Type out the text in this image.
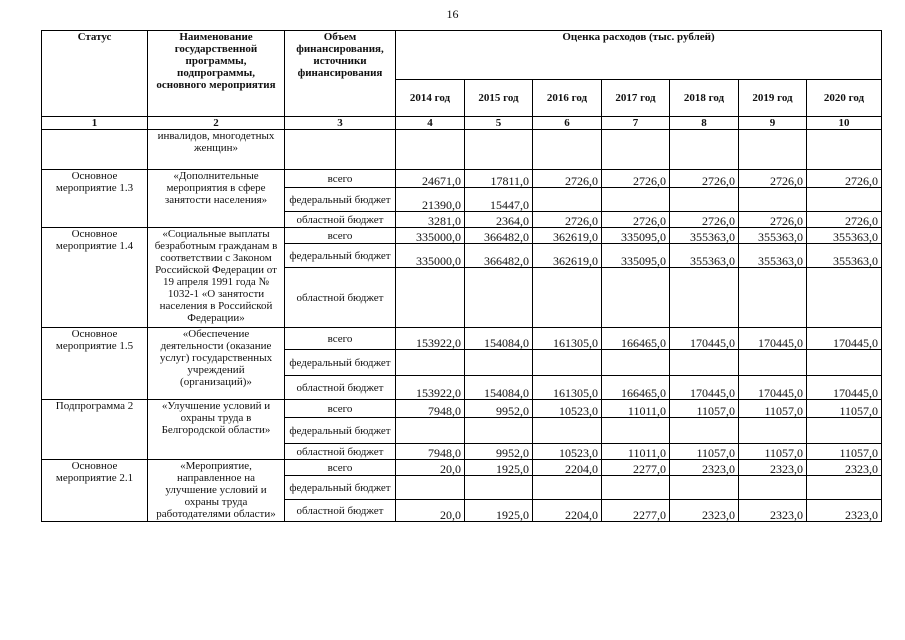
16
Статус	Наименование государственной программы, подпрограммы, основного мероприятия	Объем финансирования, источники финансирования	Оценка расходов (тыс. рублей)						
			2014 год	2015 год	2016 год	2017 год	2018 год	2019 год	2020 год
1	2	3	4	5	6	7	8	9	10
	инвалидов, многодетных женщин»								
Основное мероприятие 1.3	«Дополнительные мероприятия в сфере занятости населения»	всего	24671,0	17811,0	2726,0	2726,0	2726,0	2726,0	2726,0
		федеральный бюджет	21390,0	15447,0					
		областной бюджет	3281,0	2364,0	2726,0	2726,0	2726,0	2726,0	2726,0
Основное мероприятие 1.4	«Социальные выплаты безработным гражданам в соответствии с Законом Российской Федерации от 19 апреля 1991 года № 1032-1 «О занятости населения в Российской Федерации»	всего	335000,0	366482,0	362619,0	335095,0	355363,0	355363,0	355363,0
		федеральный бюджет	335000,0	366482,0	362619,0	335095,0	355363,0	355363,0	355363,0
		областной бюджет							
Основное мероприятие 1.5	«Обеспечение деятельности (оказание услуг) государственных учреждений (организаций)»	всего	153922,0	154084,0	161305,0	166465,0	170445,0	170445,0	170445,0
		федеральный бюджет							
		областной бюджет	153922,0	154084,0	161305,0	166465,0	170445,0	170445,0	170445,0
Подпрограмма 2	«Улучшение условий и охраны труда в Белгородской области»	всего	7948,0	9952,0	10523,0	11011,0	11057,0	11057,0	11057,0
		федеральный бюджет							
		областной бюджет	7948,0	9952,0	10523,0	11011,0	11057,0	11057,0	11057,0
Основное мероприятие 2.1	«Мероприятие, направленное на улучшение условий и охраны труда работодателями области»	всего	20,0	1925,0	2204,0	2277,0	2323,0	2323,0	2323,0
		федеральный бюджет							
		областной бюджет	20,0	1925,0	2204,0	2277,0	2323,0	2323,0	2323,0
